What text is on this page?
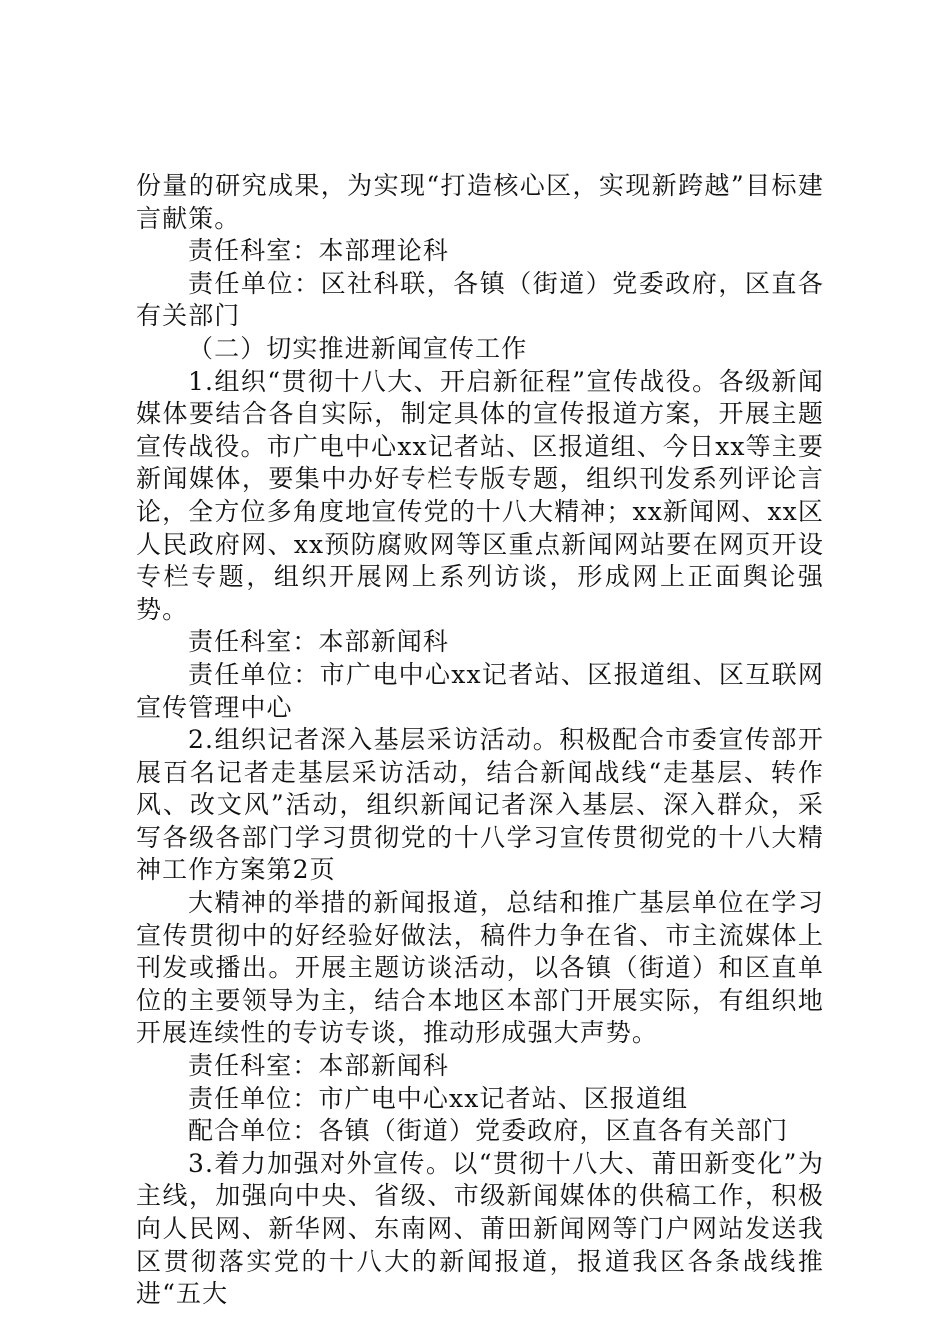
份量的研究成果，为实现“打造核心区，实现新跨越”目标建言献策。

责任科室：本部理论科

责任单位：区社科联，各镇（街道）党委政府，区直各有关部门

（二）切实推进新闻宣传工作

1.组织“贯彻十八大、开启新征程”宣传战役。各级新闻媒体要结合各自实际，制定具体的宣传报道方案，开展主题宣传战役。市广电中心xx记者站、区报道组、今日xx等主要新闻媒体，要集中办好专栏专版专题，组织刊发系列评论言论，全方位多角度地宣传党的十八大精神；xx新闻网、xx区人民政府网、xx预防腐败网等区重点新闻网站要在网页开设专栏专题，组织开展网上系列访谈，形成网上正面舆论强势。

责任科室：本部新闻科

责任单位：市广电中心xx记者站、区报道组、区互联网宣传管理中心

2.组织记者深入基层采访活动。积极配合市委宣传部开展百名记者走基层采访活动，结合新闻战线“走基层、转作风、改文风”活动，组织新闻记者深入基层、深入群众，采写各级各部门学习贯彻党的十八学习宣传贯彻党的十八大精神工作方案第2页

大精神的举措的新闻报道，总结和推广基层单位在学习宣传贯彻中的好经验好做法，稿件力争在省、市主流媒体上刊发或播出。开展主题访谈活动，以各镇（街道）和区直单位的主要领导为主，结合本地区本部门开展实际，有组织地开展连续性的专访专谈，推动形成强大声势。

责任科室：本部新闻科

责任单位：市广电中心xx记者站、区报道组

配合单位：各镇（街道）党委政府，区直各有关部门

3.着力加强对外宣传。以“贯彻十八大、莆田新变化”为主线，加强向中央、省级、市级新闻媒体的供稿工作，积极向人民网、新华网、东南网、莆田新闻网等门户网站发送我区贯彻落实党的十八大的新闻报道，报道我区各条战线推进“五大
